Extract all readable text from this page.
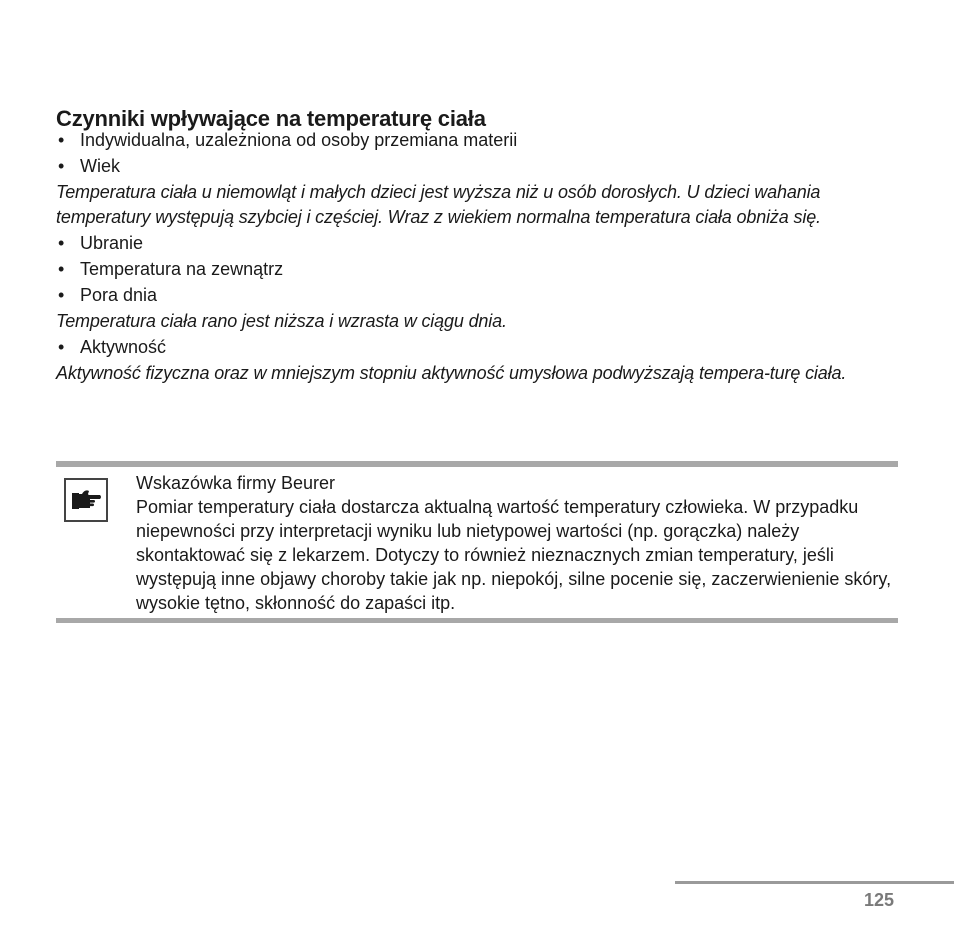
Czynniki wpływające na temperaturę ciała
• Indywidualna, uzależniona od osoby przemiana materii
• Wiek
Temperatura ciała u niemowląt i małych dzieci jest wyższa niż u osób dorosłych. U dzieci wahania temperatury występują szybciej i częściej. Wraz z wiekiem normalna temperatura ciała obniża się.
• Ubranie
• Temperatura na zewnątrz
• Pora dnia
Temperatura ciała rano jest niższa i wzrasta w ciągu dnia.
• Aktywność
Aktywność fizyczna oraz w mniejszym stopniu aktywność umysłowa podwyższają tempera-turę ciała.
Wskazówka firmy Beurer

Pomiar temperatury ciała dostarcza aktualną wartość temperatury człowieka. W przypadku niepewności przy interpretacji wyniku lub nietypowej wartości (np. gorączka) należy skontaktować się z lekarzem. Dotyczy to również nieznacznych zmian temperatury, jeśli występują inne objawy choroby takie jak np. niepokój, silne pocenie się, zaczerwienienie skóry, wysokie tętno, skłonność do zapaści itp.

125
